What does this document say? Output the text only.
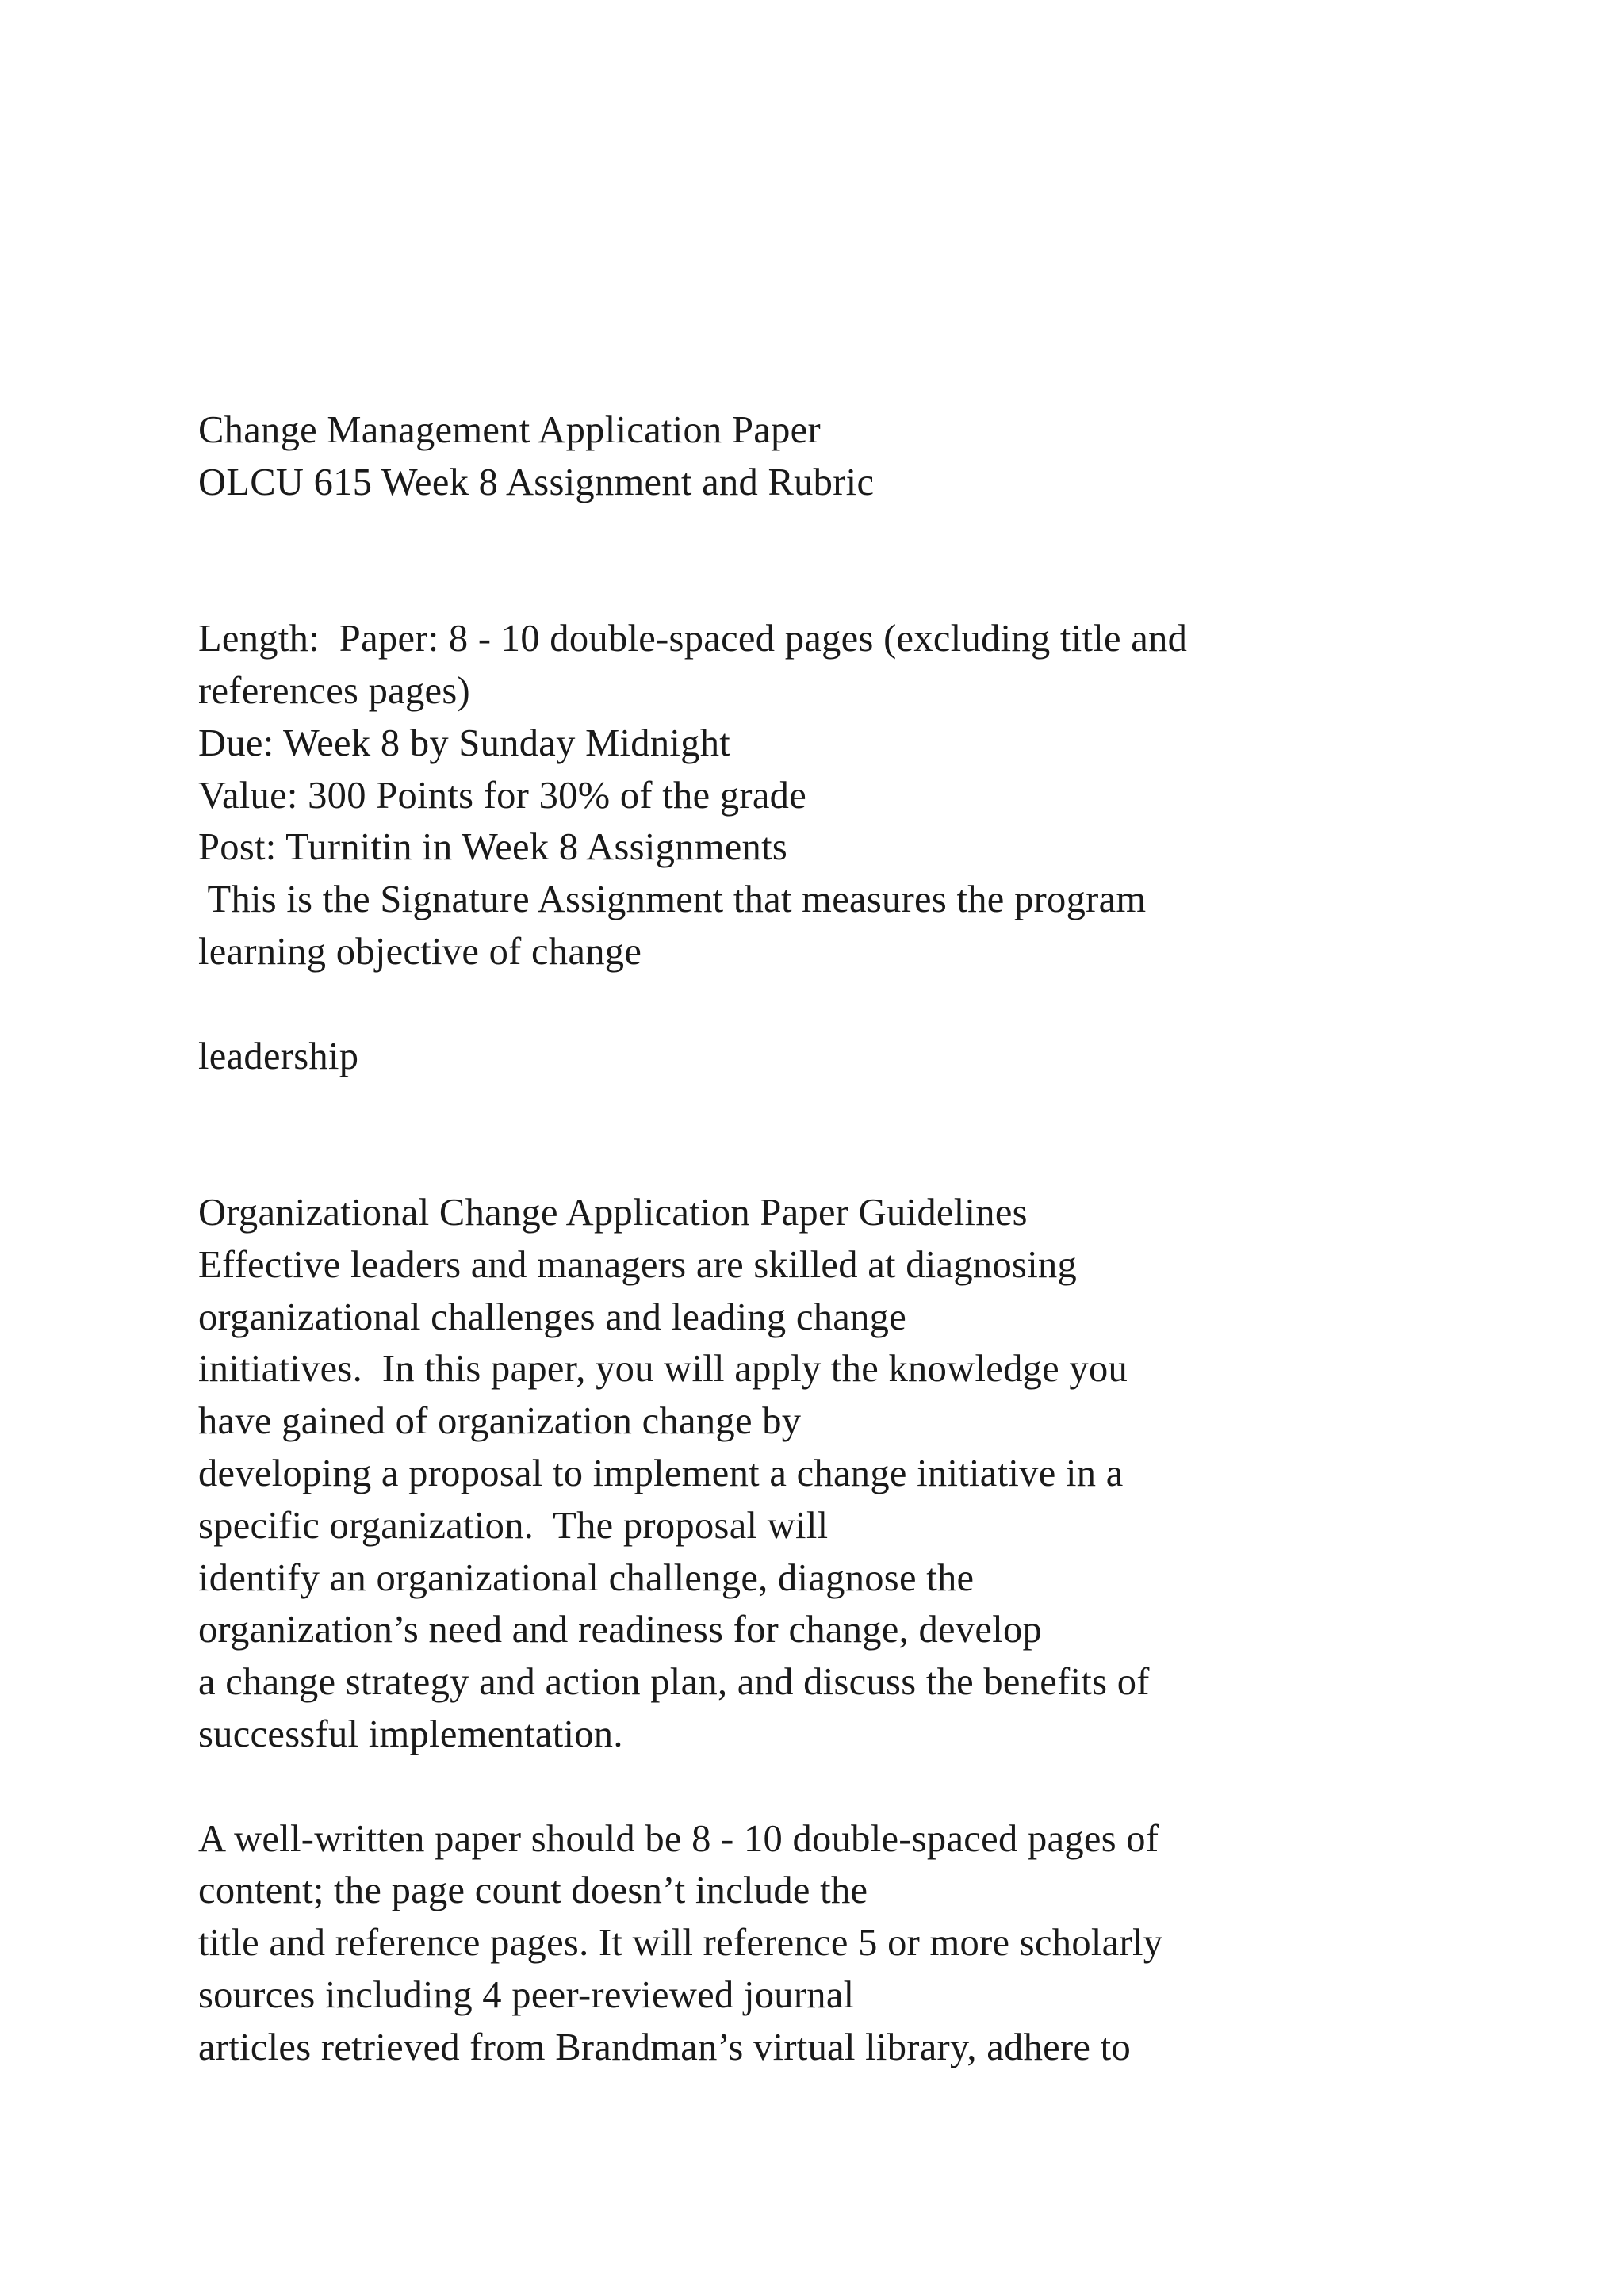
Change Management Application Paper
OLCU 615 Week 8 Assignment and Rubric
Length:  Paper: 8 - 10 double-spaced pages (excluding title and
references pages)
Due: Week 8 by Sunday Midnight
Value: 300 Points for 30% of the grade
Post: Turnitin in Week 8 Assignments
This is the Signature Assignment that measures the program
learning objective of change
leadership
Organizational Change Application Paper Guidelines
Effective leaders and managers are skilled at diagnosing
organizational challenges and leading change
initiatives.  In this paper, you will apply the knowledge you
have gained of organization change by
developing a proposal to implement a change initiative in a
specific organization.  The proposal will
identify an organizational challenge, diagnose the
organization’s need and readiness for change, develop
a change strategy and action plan, and discuss the benefits of
successful implementation.
A well-written paper should be 8 - 10 double-spaced pages of
content; the page count doesn’t include the
title and reference pages. It will reference 5 or more scholarly
sources including 4 peer-reviewed journal
articles retrieved from Brandman’s virtual library, adhere to
